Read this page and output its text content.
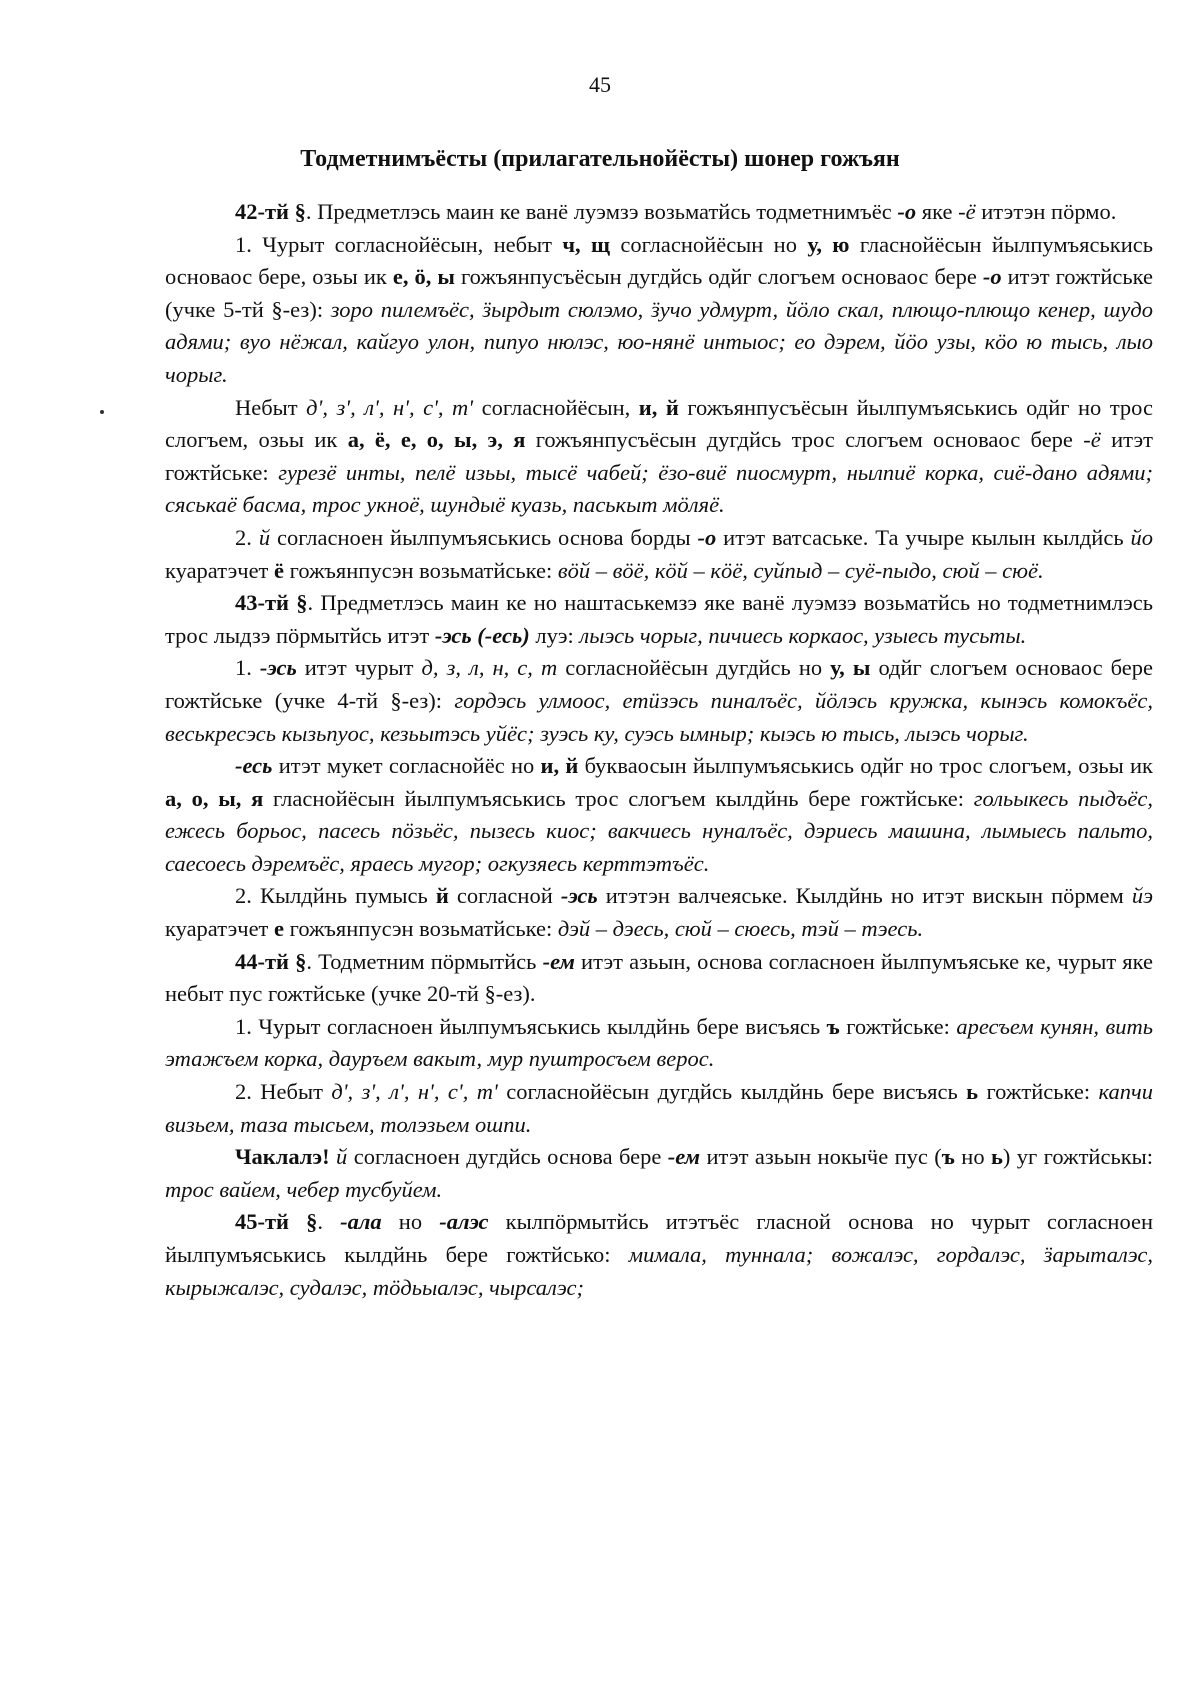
45
Тодметнимъёсты (прилагательнойёсты) шонер гожъян

42-тй §. Предметлэсь маин ке ванё луэмзэ возьматйсь тодметнимъёс -о яке -ё итэтэн пöрмо.

1. Чурыт согласнойёсын, небыт ч, щ согласнойёсын но у, ю гласнойёсын йылпумъяськись основаос бере, озьы ик е, ö, ы гожъянпусъёсын дугдйсь одйг слогъем основаос бере -о итэт гожтйське (учке 5-тй §-ез): зоро пилемъёс, ӟырдыт сюлэмо, ӟучо удмурт, йöло скал, плющо-плющо кенер, шудо адями; вуо нёжал, кайгуо улон, пипуо нюлэс, юо-нянё интыос; ео дэрем, йöо узы, кöо ю тысь, лыо чорыг.

Небыт д', з', л', н', с', т' согласнойёсын, и, й гожъянпусъёсын йылпумъяськись одйг но трос слогъем, озьы ик а, ё, е, о, ы, э, я гожъянпусъёсын дугдйсь трос слогъем основаос бере -ё итэт гожтйське: гурезё инты, пелё изьы, тысё чабей; ёзо-виё пиосмурт, нылпиё корка, сиё-дано адями; сяськаё басма, трос укноё, шундыё куазь, паськыт мöляё.

2. й согласноен йылпумъяськись основа борды -о итэт ватсаське. Та учыре кылын кылдйсь йо куаратэчет ё гожъянпусэн возьматйське: вöй – вöё, кöй – кöё, суйпыд – суё-пыдо, сюй – сюё.

43-тй §. Предметлэсь маин ке но наштаськемзэ яке ванё луэмзэ возьматйсь но тодметнимлэсь трос лыдзэ пöрмытйсь итэт -эсь (-есь) луэ: лыэсь чорыг, пичиесь коркаос, узыесь тусьты.

1. -эсь итэт чурыт д, з, л, н, с, т согласнойёсын дугдйсь но у, ы одйг слогъем основаос бере гожтйське (учке 4-тй §-ез): гордэсь улмоос, етӥзэсь пиналъёс, йöлэсь кружка, кынэсь комокъёс, веськресэсь кызьпуос, кезьытэсь уйёс; зуэсь ку, суэсь ымныр; кыэсь ю тысь, лыэсь чорыг.

-есь итэт мукет согласнойёс но и, й букваосын йылпумъяськись одйг но трос слогъем, озьы ик а, о, ы, я гласнойёсын йылпумъяськись трос слогъем кылдйнь бере гожтйське: гольыкесь пыдъёс, ежесь борьос, пасесь пöзьёс, пызесь киос; вакчиесь нуналъёс, дэриесь машина, лымыесь пальто, саесоесь дэремъёс, яраесь мугор; огкузяесь керттэтъёс.

2. Кылдйнь пумысь й согласной -эсь итэтэн валчеяське. Кылдйнь но итэт вискын пöрмем йэ куаратэчет е гожъянпусэн возьматйське: дэй – дэесь, сюй – сюесь, тэй – тэесь.

44-тй §. Тодметним пöрмытйсь -ем итэт азьын, основа согласноен йылпумъяське ке, чурыт яке небыт пус гожтйське (учке 20-тй §-ез).

1. Чурыт согласноен йылпумъяськись кылдйнь бере висъясь ъ гожтйське: аресъем кунян, вить этажъем корка, дауръем вакыт, мур пуштросъем верос.

2. Небыт д', з', л', н', с', т' согласнойёсын дугдйсь кылдйнь бере висъясь ь гожтйське: капчи визьем, таза тысьем, толэзьем ошпи.

Чаклалэ! й согласноен дугдйсь основа бере -ем итэт азьын нокыӵе пус (ъ но ь) уг гожтйськы: трос вайем, чебер тусбуйем.

45-тй §. -ала но -алэс кылпöрмытйсь итэтъёс гласной основа но чурыт согласноен йылпумъяськись кылдйнь бере гожтйсько: мимала, туннала; вожалэс, гордалэс, ӟарыталэс, кырыжалэс, судалэс, тöдьыалэс, чырсалэс;
